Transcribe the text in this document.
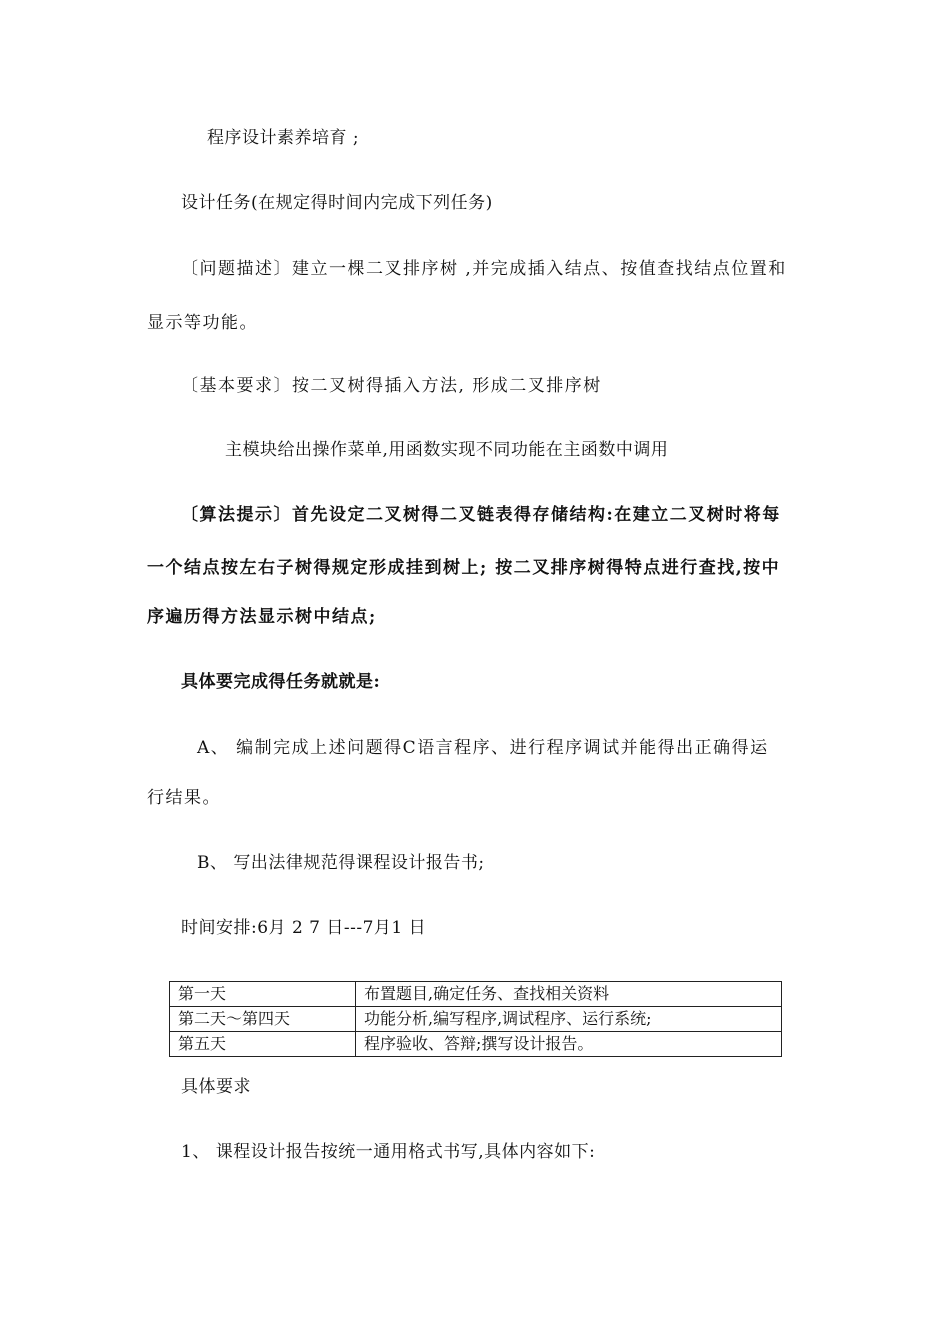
程序设计素养培育 ;
设计任务(在规定得时间内完成下列任务)
〔问题描述〕建立一棵二叉排序树 ,并完成插入结点、按值查找结点位置和
显示等功能。
〔基本要求〕按二叉树得插入方法, 形成二叉排序树
主模块给出操作菜单,用函数实现不同功能在主函数中调用
〔算法提示〕首先设定二叉树得二叉链表得存储结构:在建立二叉树时将每
一个结点按左右子树得规定形成挂到树上; 按二叉排序树得特点进行查找,按中
序遍历得方法显示树中结点;
具体要完成得任务就就是:
A、 编制完成上述问题得C语言程序、进行程序调试并能得出正确得运
行结果。
B、 写出法律规范得课程设计报告书;
时间安排:6月 2 7 日---7月1 日
第一天	布置题目,确定任务、查找相关资料
第二天～第四天	功能分析,编写程序,调试程序、运行系统;
第五天	程序验收、答辩;撰写设计报告。
具体要求
1、 课程设计报告按统一通用格式书写,具体内容如下:
